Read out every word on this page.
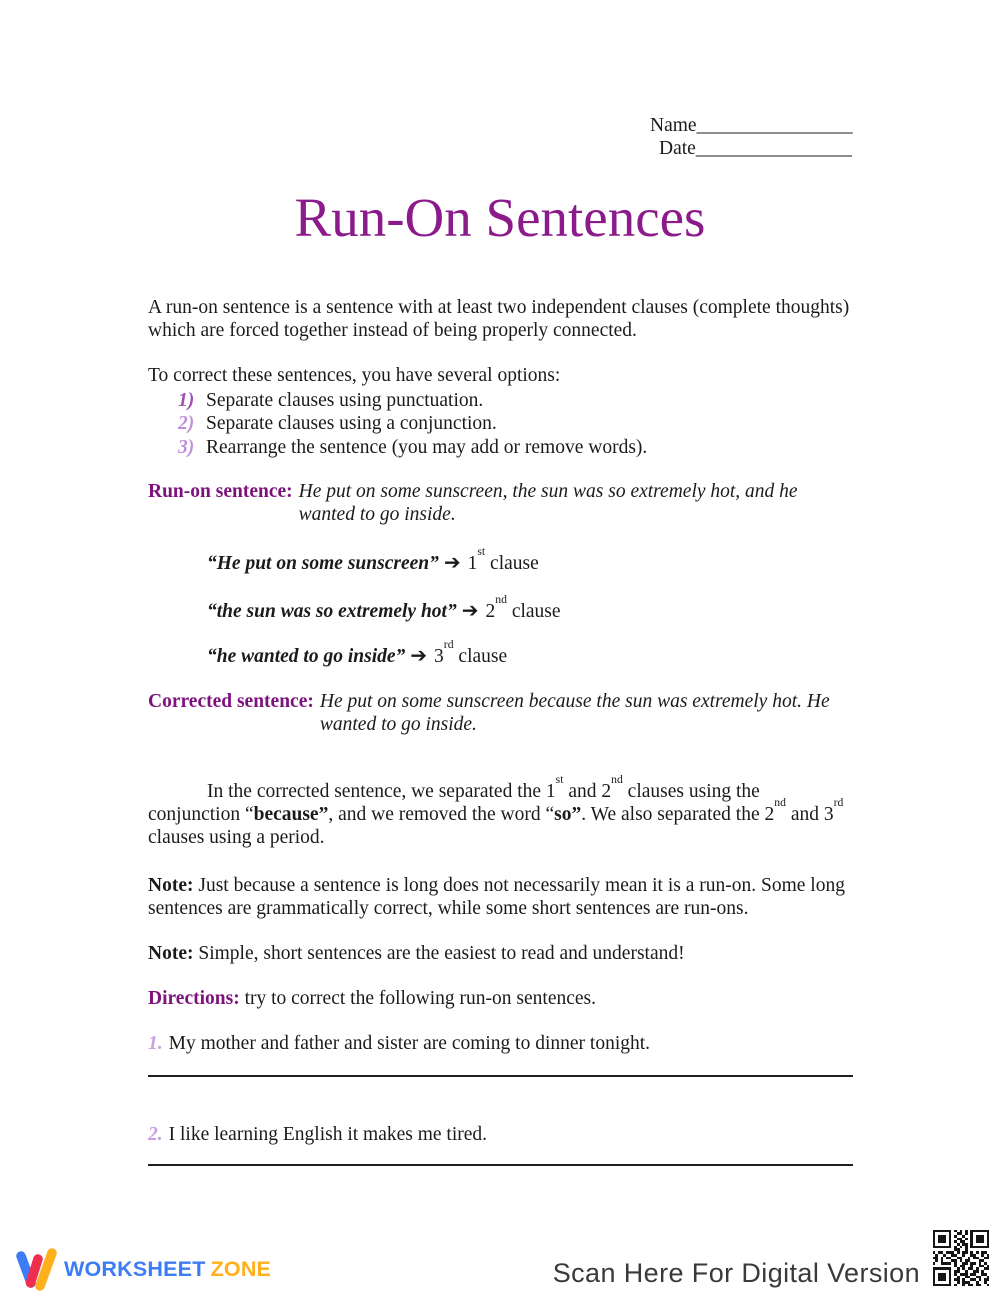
Name________________
Date________________
Run-On Sentences

A run-on sentence is a sentence with at least two independent clauses (complete thoughts) which are forced together instead of being properly connected.

To correct these sentences, you have several options:

1) Separate clauses using punctuation.
2) Separate clauses using a conjunction.
3) Rearrange the sentence (you may add or remove words).
Run-on sentence: He put on some sunscreen, the sun was so extremely hot, and he wanted to go inside.
“He put on some sunscreen” ➔ 1st clause
“the sun was so extremely hot” ➔ 2nd clause
“he wanted to go inside” ➔ 3rd clause
Corrected sentence: He put on some sunscreen because the sun was extremely hot. He wanted to go inside.

In the corrected sentence, we separated the 1st and 2nd clauses using the conjunction “because”, and we removed the word “so”. We also separated the 2nd and 3rd clauses using a period.

Note: Just because a sentence is long does not necessarily mean it is a run-on. Some long sentences are grammatically correct, while some short sentences are run-ons.

Note: Simple, short sentences are the easiest to read and understand!

Directions: try to correct the following run-on sentences.

1. My mother and father and sister are coming to dinner tonight.

2. I like learning English it makes me tired.

WORKSHEET ZONE	Scan Here For Digital Version
